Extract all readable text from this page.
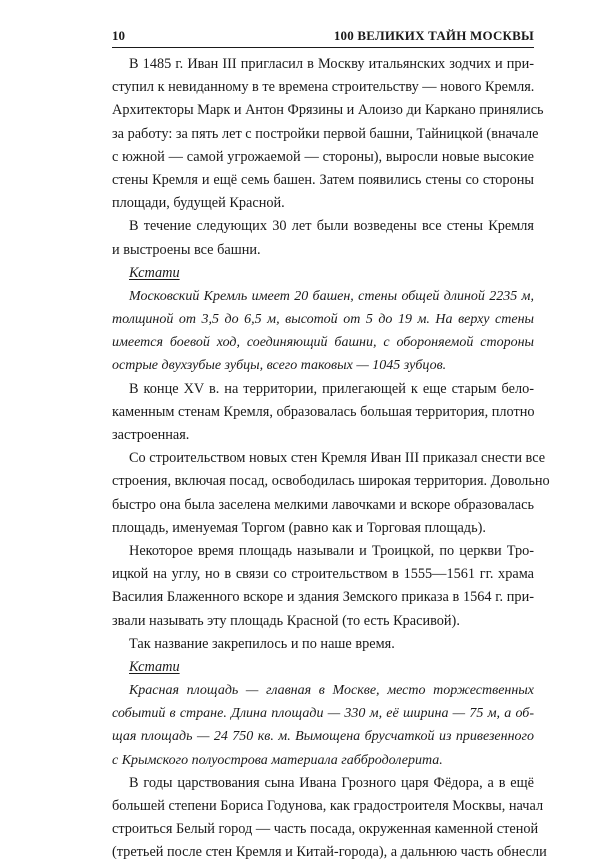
10	100 ВЕЛИКИХ ТАЙН МОСКВЫ
В 1485 г. Иван III пригласил в Москву итальянских зодчих и при-
ступил к невиданному в те времена строительству — нового Кремля.
Архитекторы Марк и Антон Фрязины и Алоизо ди Каркано принялись
за работу: за пять лет с постройки первой башни, Тайницкой (вначале
с южной — самой угрожаемой — стороны), выросли новые высокие
стены Кремля и ещё семь башен. Затем появились стены со стороны
площади, будущей Красной.
В течение следующих 30 лет были возведены все стены Кремля
и выстроены все башни.
Кстати
Московский Кремль имеет 20 башен, стены общей длиной 2235 м,
толщиной от 3,5 до 6,5 м, высотой от 5 до 19 м. На верху стены
имеется боевой ход, соединяющий башни, с обороняемой стороны
острые двухзубые зубцы, всего таковых — 1045 зубцов.
В конце XV в. на территории, прилегающей к еще старым бело-
каменным стенам Кремля, образовалась большая территория, плотно
застроенная.
Со строительством новых стен Кремля Иван III приказал снести все
строения, включая посад, освободилась широкая территория. Довольно
быстро она была заселена мелкими лавочками и вскоре образовалась
площадь, именуемая Торгом (равно как и Торговая площадь).
Некоторое время площадь называли и Троицкой, по церкви Тро-
ицкой на углу, но в связи со строительством в 1555—1561 гг. храма
Василия Блаженного вскоре и здания Земского приказа в 1564 г. при-
звали называть эту площадь Красной (то есть Красивой).
Так название закрепилось и по наше время.
Кстати
Красная площадь — главная в Москве, место торжественных
событий в стране. Длина площади — 330 м, её ширина — 75 м, а об-
щая площадь — 24 750 кв. м. Вымощена брусчаткой из привезенного
с Крымского полуострова материала габбродолерита.
В годы царствования сына Ивана Грозного царя Фёдора, а в ещё
большей степени Бориса Годунова, как градостроителя Москвы, начал
строиться Белый город — часть посада, окруженная каменной стеной
(третьей после стен Кремля и Китай-города), а дальнюю часть обнесли
